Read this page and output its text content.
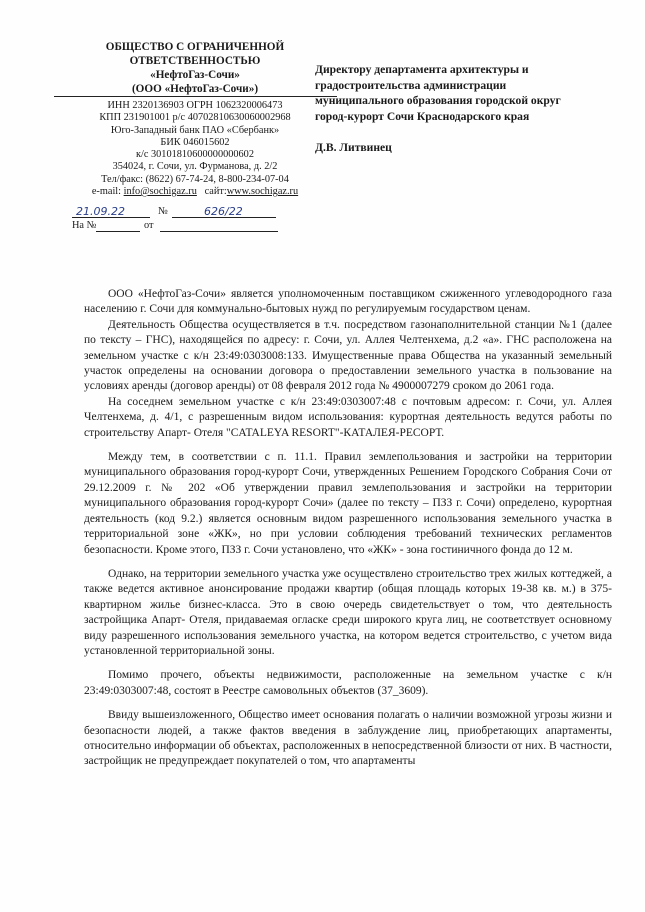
ОБЩЕСТВО С ОГРАНИЧЕННОЙ
ОТВЕТСТВЕННОСТЬЮ
«НефтоГаз-Сочи»
(ООО «НефтоГаз-Сочи»)
ИНН 2320136903 ОГРН 1062320006473
КПП 231901001 р/с 40702810630060002968
Юго-Западный банк ПАО «Сбербанк»
БИК 046015602
к/с 30101810600000000602
354024, г. Сочи, ул. Фурманова, д. 2/2
Тел/факс: (8622) 67-74-24, 8-800-234-07-04
e-mail: info@sochigaz.ru сайт:www.sochigaz.ru
21.09.22	№	626/22
На №	от
Директору департамента архитектуры и
градостроительства администрации
муниципального образования городской округ
город-курорт Сочи Краснодарского края
Д.В. Литвинец

ООО «НефтоГаз-Сочи» является уполномоченным поставщиком сжиженного углеводородного газа населению г. Сочи для коммунально-бытовых нужд по регулируемым государством ценам.

Деятельность Общества осуществляется в т.ч. посредством газонаполнительной станции №1 (далее по тексту – ГНС), находящейся по адресу: г. Сочи, ул. Аллея Челтенхема, д.2 «а». ГНС расположена на земельном участке с к/н 23:49:0303008:133. Имущественные права Общества на указанный земельный участок определены на основании договора о предоставлении земельного участка в пользование на условиях аренды (договор аренды) от 08 февраля 2012 года № 4900007279 сроком до 2061 года.

На соседнем земельном участке с к/н 23:49:0303007:48 с почтовым адресом: г. Сочи, ул. Аллея Челтенхема, д. 4/1, с разрешенным видом использования: курортная деятельность ведутся работы по строительству Апарт- Отеля "CATALEYA RESORT"-КАТАЛЕЯ-РЕСОРТ.

Между тем, в соответствии с п. 11.1. Правил землепользования и застройки на территории муниципального образования город-курорт Сочи, утвержденных Решением Городского Собрания Сочи от 29.12.2009 г. № 202 «Об утверждении правил землепользования и застройки на территории муниципального образования город-курорт Сочи» (далее по тексту – ПЗЗ г. Сочи) определено, курортная деятельность (код 9.2.) является основным видом разрешенного использования земельного участка в территориальной зоне «ЖК», но при условии соблюдения требований технических регламентов безопасности. Кроме этого, ПЗЗ г. Сочи установлено, что «ЖК» - зона гостиничного фонда до 12 м.

Однако, на территории земельного участка уже осуществлено строительство трех жилых коттеджей, а также ведется активное анонсирование продажи квартир (общая площадь которых 19-38 кв. м.) в 375-квартирном жилье бизнес-класса. Это в свою очередь свидетельствует о том, что деятельность застройщика Апарт- Отеля, придаваемая огласке среди широкого круга лиц, не соответствует основному виду разрешенного использования земельного участка, на котором ведется строительство, с учетом вида установленной территориальной зоны.

Помимо прочего, объекты недвижимости, расположенные на земельном участке с к/н 23:49:0303007:48, состоят в Реестре самовольных объектов (37_3609).

Ввиду вышеизложенного, Общество имеет основания полагать о наличии возможной угрозы жизни и безопасности людей, а также фактов введения в заблуждение лиц, приобретающих апартаменты, относительно информации об объектах, расположенных в непосредственной близости от них. В частности, застройщик не предупреждает покупателей о том, что апартаменты
